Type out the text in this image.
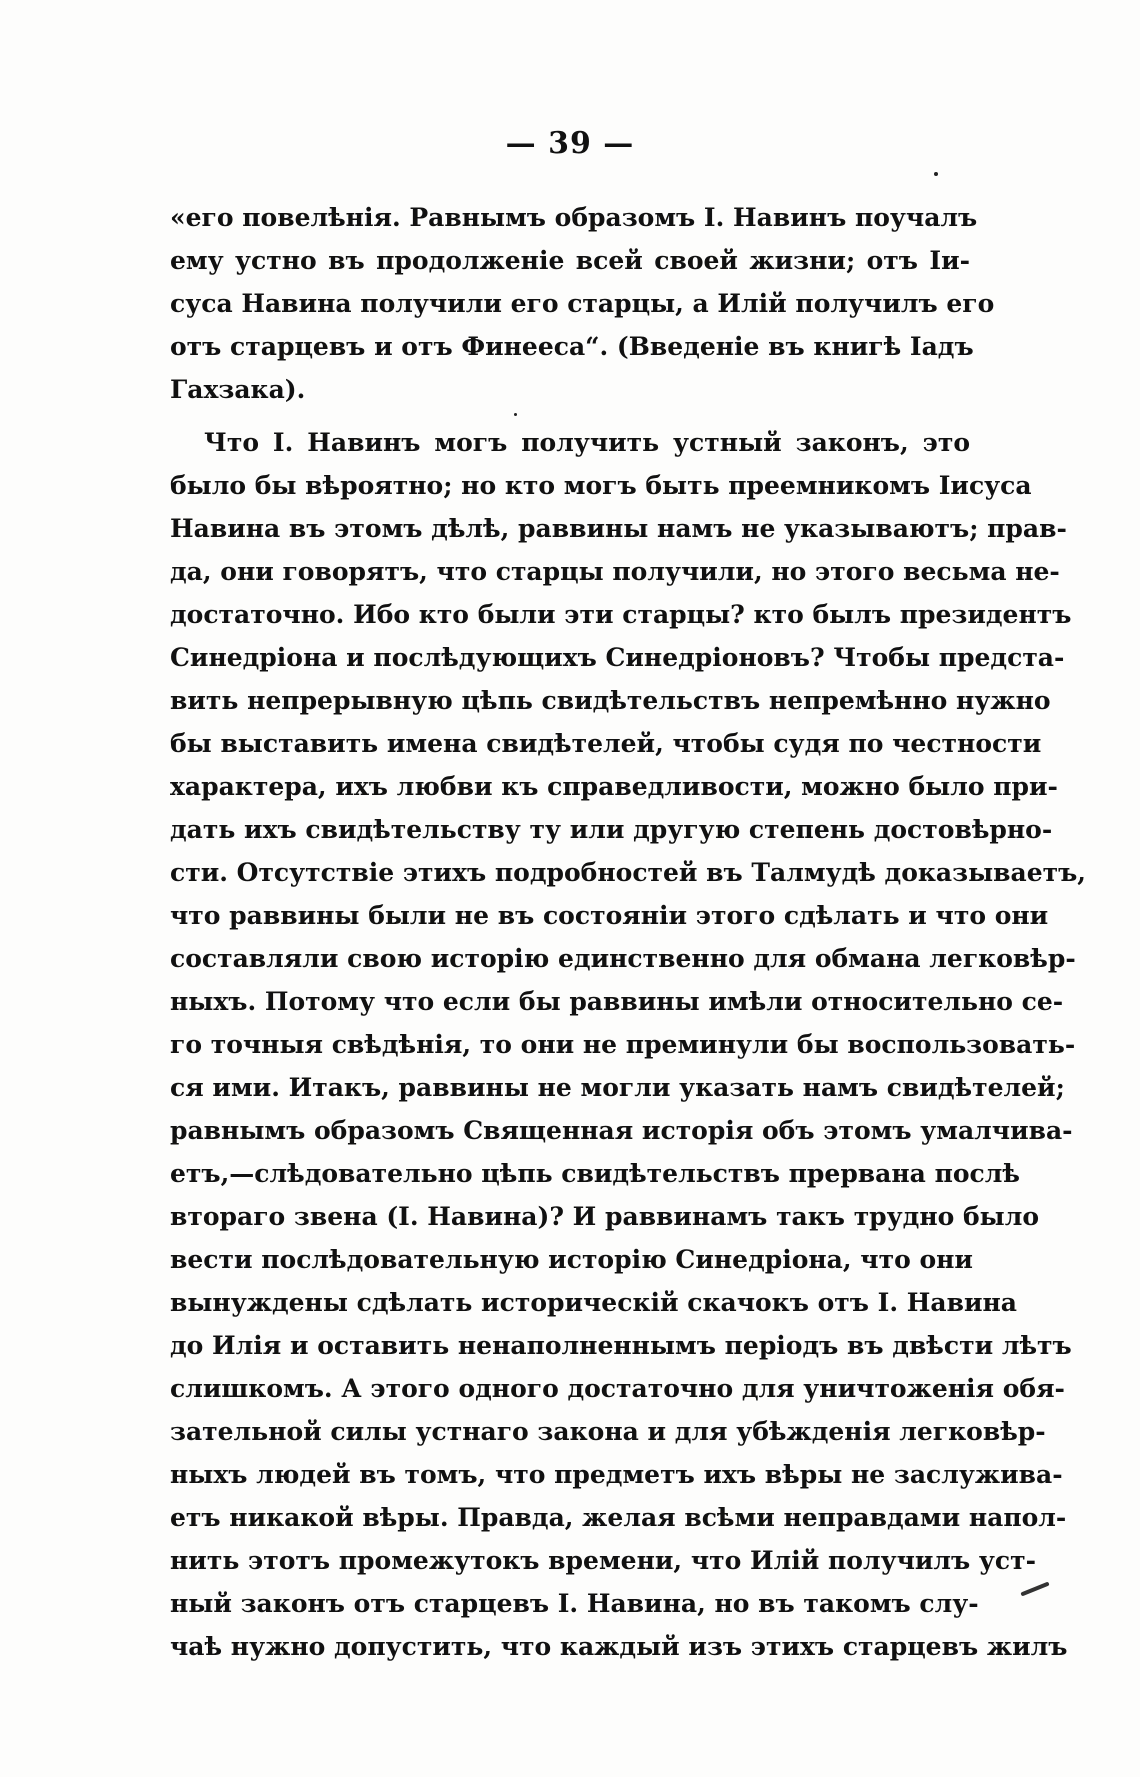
— 39 —
«его повелѣнія. Равнымъ образомъ I. Навинъ поучалъ
ему устно въ продолженіе всей своей жизни; отъ Iи-
суса Навина получили его старцы, а Илій получилъ его
отъ старцевъ и отъ Финееса“. (Введеніе въ книгѣ Iадъ
Гахзака).
Что I. Навинъ могъ получить устный законъ, это
было бы вѣроятно; но кто могъ быть преемникомъ Iисуса
Навина въ этомъ дѣлѣ, раввины намъ не указываютъ; прав-
да, они говорятъ, что старцы получили, но этого весьма не-
достаточно. Ибо кто были эти старцы? кто былъ президентъ
Синедріона и послѣдующихъ Синедріоновъ? Чтобы предста-
вить непрерывную цѣпь свидѣтельствъ непремѣнно нужно
бы выставить имена свидѣтелей, чтобы судя по честности
характера, ихъ любви къ справедливости, можно было при-
дать ихъ свидѣтельству ту или другую степень достовѣрно-
сти. Отсутствіе этихъ подробностей въ Талмудѣ доказываетъ,
что раввины были не въ состояніи этого сдѣлать и что они
составляли свою исторію единственно для обмана легковѣр-
ныхъ. Потому что если бы раввины имѣли относительно се-
го точныя свѣдѣнія, то они не преминули бы воспользовать-
ся ими. Итакъ, раввины не могли указать намъ свидѣтелей;
равнымъ образомъ Священная исторія объ этомъ умалчива-
етъ,—слѣдовательно цѣпь свидѣтельствъ прервана послѣ
втораго звена (I. Навина)? И раввинамъ такъ трудно было
вести послѣдовательную исторію Синедріона, что они
вынуждены сдѣлать историческій скачокъ отъ I. Навина
до Илія и оставить ненаполненнымъ періодъ въ двѣсти лѣтъ
слишкомъ. А этого одного достаточно для уничтоженія обя-
зательной силы устнаго закона и для убѣжденія легковѣр-
ныхъ людей въ томъ, что предметъ ихъ вѣры не заслужива-
етъ никакой вѣры. Правда, желая всѣми неправдами напол-
нить этотъ промежутокъ времени, что Илій получилъ уст-
ный законъ отъ старцевъ I. Навина, но въ такомъ слу-
чаѣ нужно допустить, что каждый изъ этихъ старцевъ жилъ
